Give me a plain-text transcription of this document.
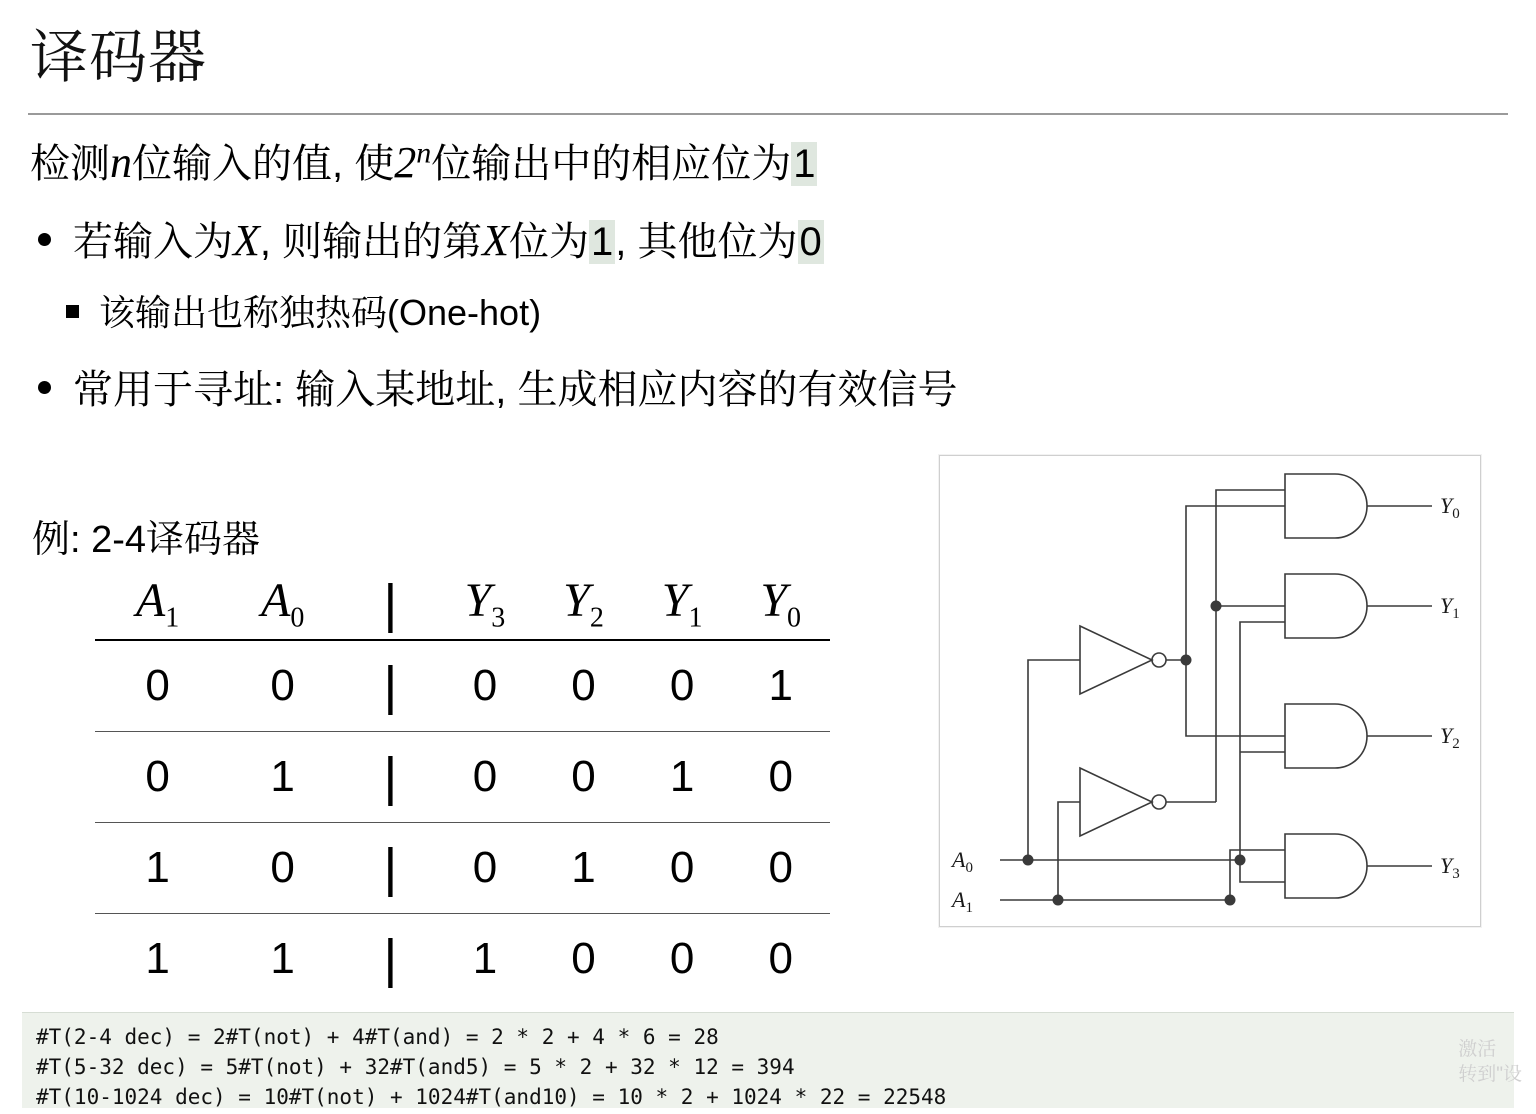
译码器
检测n位输入的值, 使2$^n$位输出中的相应位为1
若输入为X, 则输出的第X位为1, 其他位为0
该输出也称独热码(One-hot)
常用于寻址: 输入某地址, 生成相应内容的有效信号
例: 2-4译码器
$A_1$	$A_0$	|	$Y_3$	$Y_2$	$Y_1$	$Y_0$
0	0	|	0	0	0	1
0	1	|	0	0	1	0
1	0	|	0	1	0	0
1	1	|	1	0	0	0
$A_0$
$A_1$
$Y_0$
$Y_1$
$Y_2$
$Y_3$
#T(2-4 dec) = 2#T(not) + 4#T(and) = 2 * 2 + 4 * 6 = 28
#T(5-32 dec) = 5#T(not) + 32#T(and5) = 5 * 2 + 32 * 12 = 394
#T(10-1024 dec) = 10#T(not) + 1024#T(and10) = 10 * 2 + 1024 * 22 = 22548
激活
转到"设
